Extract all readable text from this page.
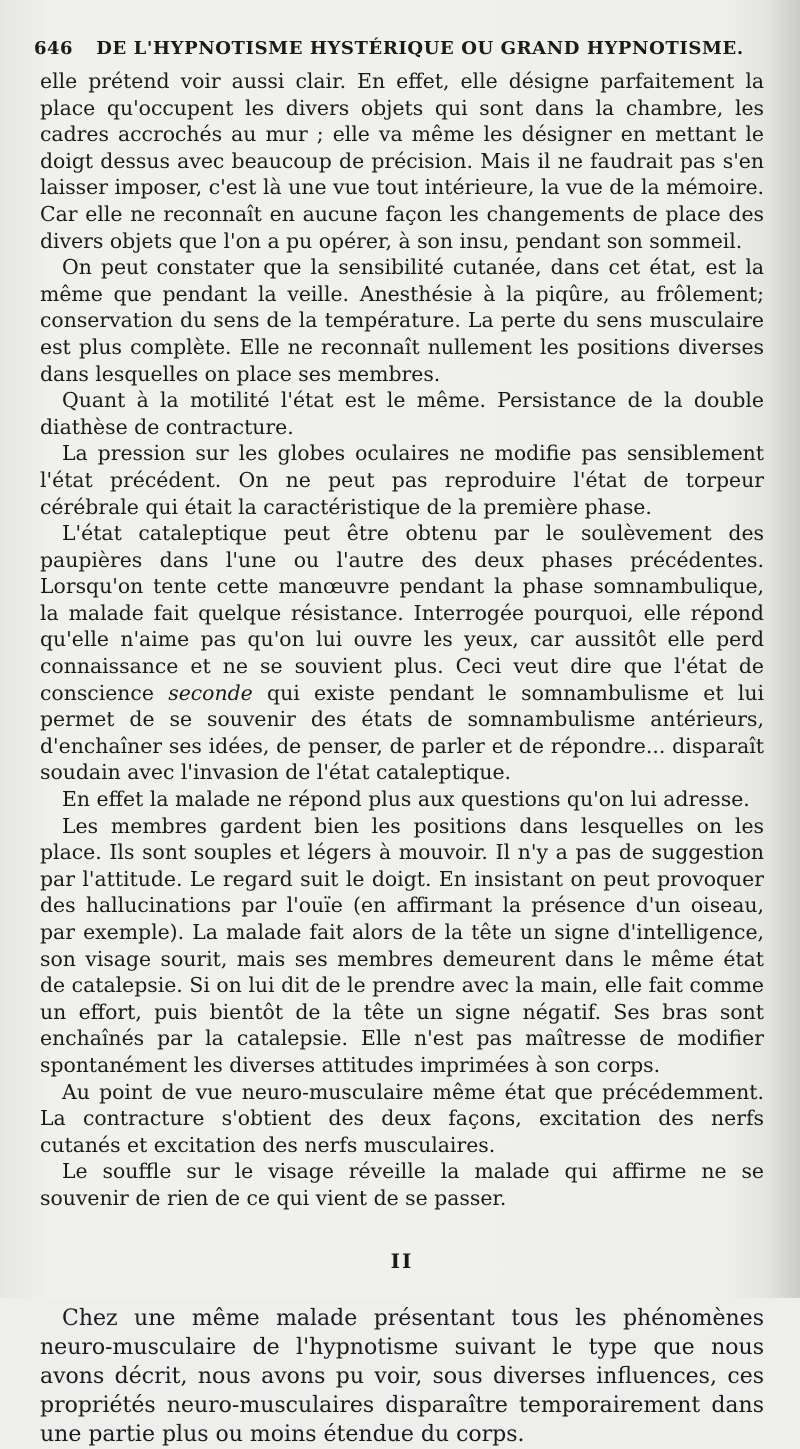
646	DE L'HYPNOTISME HYSTÉRIQUE OU GRAND HYPNOTISME.

elle prétend voir aussi clair. En effet, elle désigne parfaitement la place qu'occupent les divers objets qui sont dans la chambre, les cadres accrochés au mur ; elle va même les désigner en mettant le doigt dessus avec beaucoup de précision. Mais il ne faudrait pas s'en laisser imposer, c'est là une vue tout intérieure, la vue de la mémoire. Car elle ne reconnaît en aucune façon les changements de place des divers objets que l'on a pu opérer, à son insu, pendant son sommeil.

On peut constater que la sensibilité cutanée, dans cet état, est la même que pendant la veille. Anesthésie à la piqûre, au frôlement; conservation du sens de la température. La perte du sens musculaire est plus complète. Elle ne reconnaît nullement les positions diverses dans lesquelles on place ses membres.

Quant à la motilité l'état est le même. Persistance de la double diathèse de contracture.

La pression sur les globes oculaires ne modifie pas sensiblement l'état précédent. On ne peut pas reproduire l'état de torpeur cérébrale qui était la caractéristique de la première phase.

L'état cataleptique peut être obtenu par le soulèvement des paupières dans l'une ou l'autre des deux phases précédentes. Lorsqu'on tente cette manœuvre pendant la phase somnambulique, la malade fait quelque résistance. Interrogée pourquoi, elle répond qu'elle n'aime pas qu'on lui ouvre les yeux, car aussitôt elle perd connaissance et ne se souvient plus. Ceci veut dire que l'état de conscience seconde qui existe pendant le somnambulisme et lui permet de se souvenir des états de somnambulisme antérieurs, d'enchaîner ses idées, de penser, de parler et de répondre... disparaît soudain avec l'invasion de l'état cataleptique.

En effet la malade ne répond plus aux questions qu'on lui adresse.

Les membres gardent bien les positions dans lesquelles on les place. Ils sont souples et légers à mouvoir. Il n'y a pas de suggestion par l'attitude. Le regard suit le doigt. En insistant on peut provoquer des hallucinations par l'ouïe (en affirmant la présence d'un oiseau, par exemple). La malade fait alors de la tête un signe d'intelligence, son visage sourit, mais ses membres demeurent dans le même état de catalepsie. Si on lui dit de le prendre avec la main, elle fait comme un effort, puis bientôt de la tête un signe négatif. Ses bras sont enchaînés par la catalepsie. Elle n'est pas maîtresse de modifier spontanément les diverses attitudes imprimées à son corps.

Au point de vue neuro-musculaire même état que précédemment. La contracture s'obtient des deux façons, excitation des nerfs cutanés et excitation des nerfs musculaires.

Le souffle sur le visage réveille la malade qui affirme ne se souvenir de rien de ce qui vient de se passer.

II

Chez une même malade présentant tous les phénomènes neuro-musculaire de l'hypnotisme suivant le type que nous avons décrit, nous avons pu voir, sous diverses influences, ces propriétés neuro-musculaires disparaître temporairement dans une partie plus ou moins étendue du corps.
